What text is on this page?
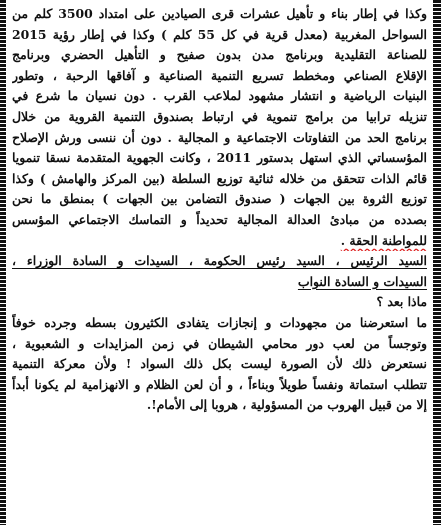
وكذا في إطار بناء و تأهيل عشرات قرى الصيادين على امتداد 3500 كلم من
السواحل المغربية (معدل قرية في كل 55 كلم ) وكذا في إطار رؤية 2015
للصناعة التقليدية وبرنامج مدن بدون صفيح و التأهيل الحضري وبرنامج
الإقلاع الصناعي ومخطط تسريع التنمية الصناعية و آفاقها الرحبة ، وتطور
البنيات الرياضية و انتشار مشهود لملاعب القرب . دون نسيان ما شرع في
تنزيله ترابيا من برامج تنموية في ارتباط بصندوق التنمية القروية من خلال
برنامج الحد من التفاوتات الاجتماعية و المجالية . دون أن ننسى ورش الإصلاح
المؤسساتي الذي استهل بدستور 2011 ، وكانت الجهوية المتقدمة نسقا تنمويا
قائم الذات تتحقق من خلاله ثنائية توزيع السلطة (بين المركز والهامش ) وكذا
توزيع الثروة بين الجهات ( صندوق التضامن بين الجهات ) بمنطق ما نحن
بصدده من مبادئ العدالة المجالية تحديداً و التماسك الاجتماعي المؤسس
للمواطنة الحقة .
السيد الرئيس ، السيد رئيس الحكومة ، السيدات و السادة الوزراء ،
السيدات و السادة النواب
ماذا بعد ؟
ما استعرضنا من مجهودات و إنجازات يتفادى الكثيرون بسطه وجرده خوفاً
وتوجساً من لعب دور محامي الشيطان في زمن المزايدات و الشعبوية ،
نستعرض ذلك لأن الصورة ليست بكل ذلك السواد ! ولأن معركة التنمية
تتطلب استماتة ونفساً طويلاً وبناءاً ، و أن لعن الظلام و الانهزامية لم يكونا أبداً
إلا من قبيل الهروب من المسؤولية ، هروبا إلى الأمام!.
